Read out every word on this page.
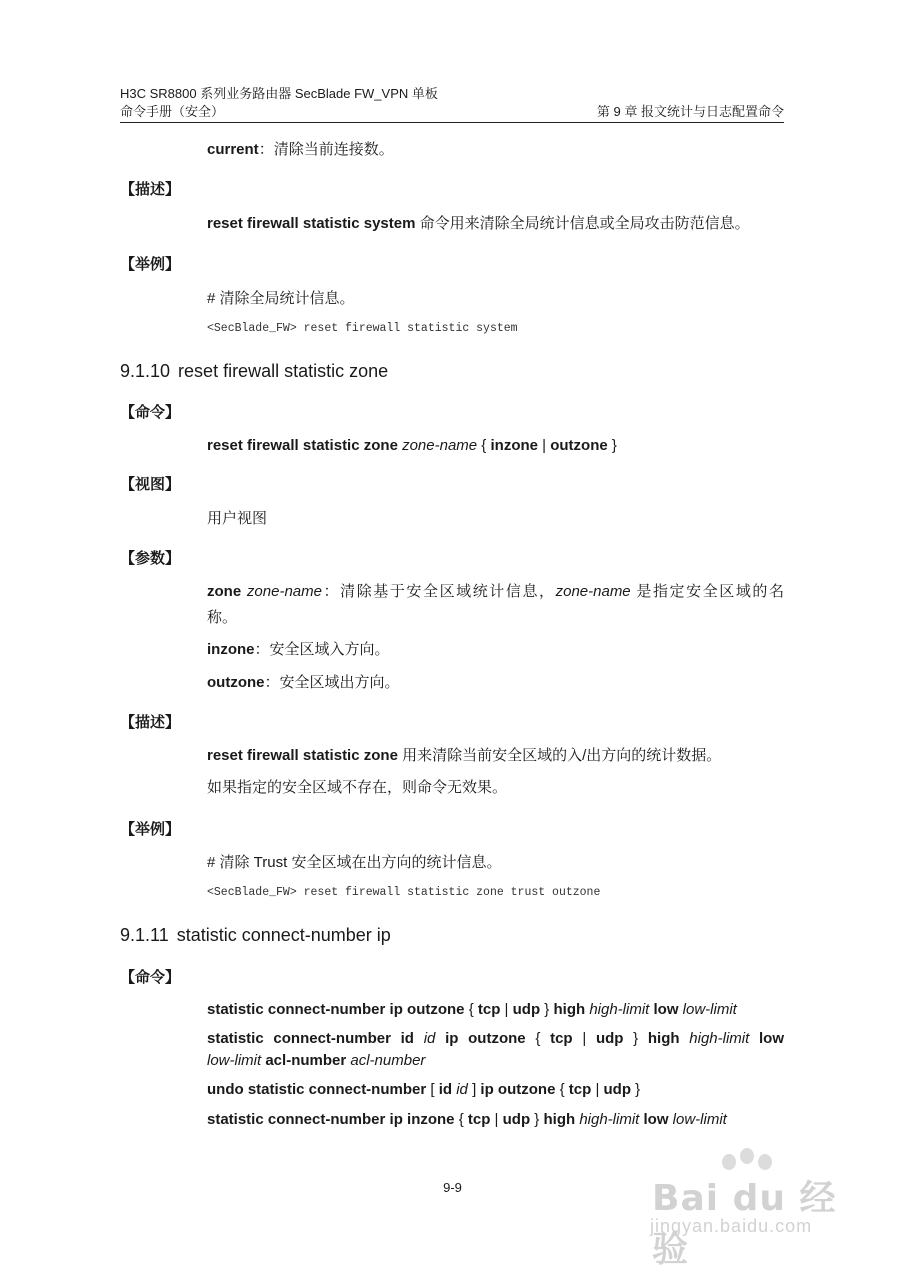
H3C SR8800 系列业务路由器 SecBlade FW_VPN 单板
命令手册（安全）	第 9 章 报文统计与日志配置命令
current：清除当前连接数。
【描述】
reset firewall statistic system 命令用来清除全局统计信息或全局攻击防范信息。
【举例】
# 清除全局统计信息。
<SecBlade_FW> reset firewall statistic system
9.1.10 reset firewall statistic zone
【命令】
reset firewall statistic zone zone-name { inzone | outzone }
【视图】
用户视图
【参数】
zone zone-name：清除基于安全区域统计信息，zone-name 是指定安全区域的名
称。
inzone：安全区域入方向。
outzone：安全区域出方向。
【描述】
reset firewall statistic zone 用来清除当前安全区域的入/出方向的统计数据。
如果指定的安全区域不存在，则命令无效果。
【举例】
# 清除 Trust 安全区域在出方向的统计信息。
<SecBlade_FW> reset firewall statistic zone trust outzone
9.1.11 statistic connect-number ip
【命令】
statistic connect-number ip outzone { tcp | udp } high high-limit low low-limit
statistic connect-number id id ip outzone { tcp | udp } high high-limit low
low-limit acl-number acl-number
undo statistic connect-number [ id id ] ip outzone { tcp | udp }
statistic connect-number ip inzone { tcp | udp } high high-limit low low-limit
9-9	Bai du 经验
jingyan.baidu.com
